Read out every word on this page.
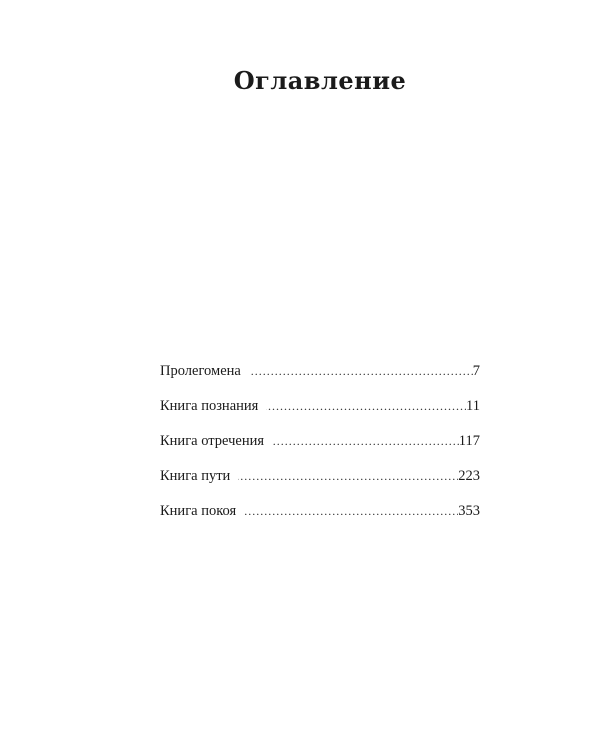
Оглавление
Пролегомена . . .	7
Книга познания . . .	11
Книга отречения . . .	117
Книга пути . . .	223
Книга покоя . . .	353
